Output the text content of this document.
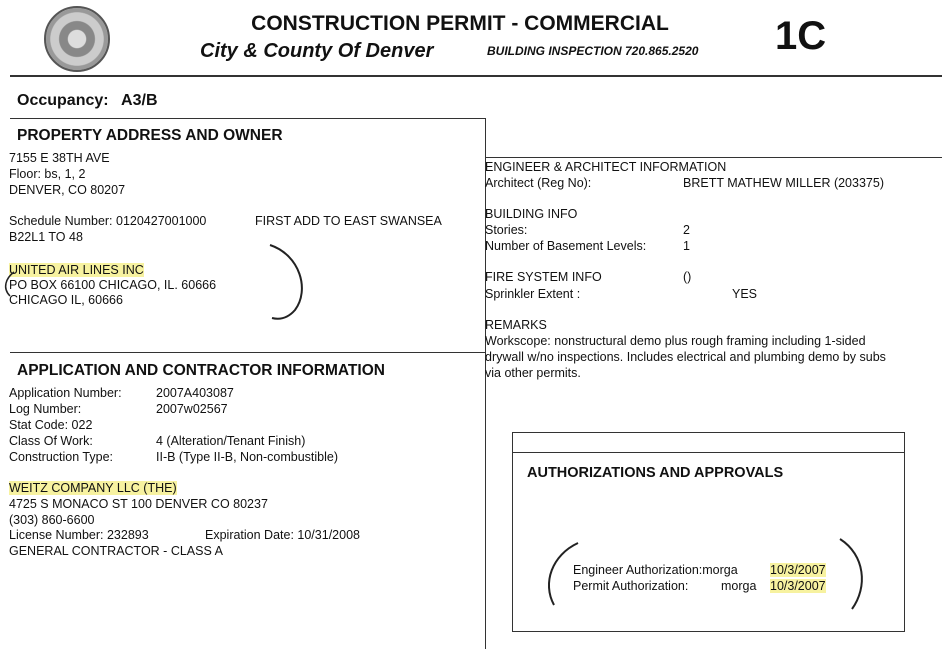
CONSTRUCTION PERMIT - COMMERCIAL
City & County Of Denver	BUILDING INSPECTION 720.865.2520 1C
Occupancy: A3/B
PROPERTY ADDRESS AND OWNER
7155 E 38TH AVE
Floor: bs, 1, 2
DENVER, CO 80207
Schedule Number: 0120427001000	FIRST ADD TO EAST SWANSEA
B22L1 TO 48
UNITED AIR LINES INC
PO BOX 66100 CHICAGO, IL. 60666
CHICAGO IL, 60666
ENGINEER & ARCHITECT INFORMATION
Architect (Reg No):	BRETT MATHEW MILLER (203375)
BUILDING INFO
Stories:	2
Number of Basement Levels:	1
FIRE SYSTEM INFO	()
Sprinkler Extent :	YES
REMARKS
Workscope: nonstructural demo plus rough framing including 1-sided
drywall w/no inspections. Includes electrical and plumbing demo by subs
via other permits.
APPLICATION AND CONTRACTOR INFORMATION
Application Number:	2007A403087
Log Number:	2007w02567
Stat Code: 022
Class Of Work:	4 (Alteration/Tenant Finish)
Construction Type:	II-B (Type II-B, Non-combustible)
WEITZ COMPANY LLC (THE)
4725 S MONACO ST 100 DENVER CO 80237
(303) 860-6600
License Number: 232893	Expiration Date: 10/31/2008
GENERAL CONTRACTOR - CLASS A
AUTHORIZATIONS AND APPROVALS
Engineer Authorization:morga	10/3/2007
Permit Authorization:	morga 10/3/2007
